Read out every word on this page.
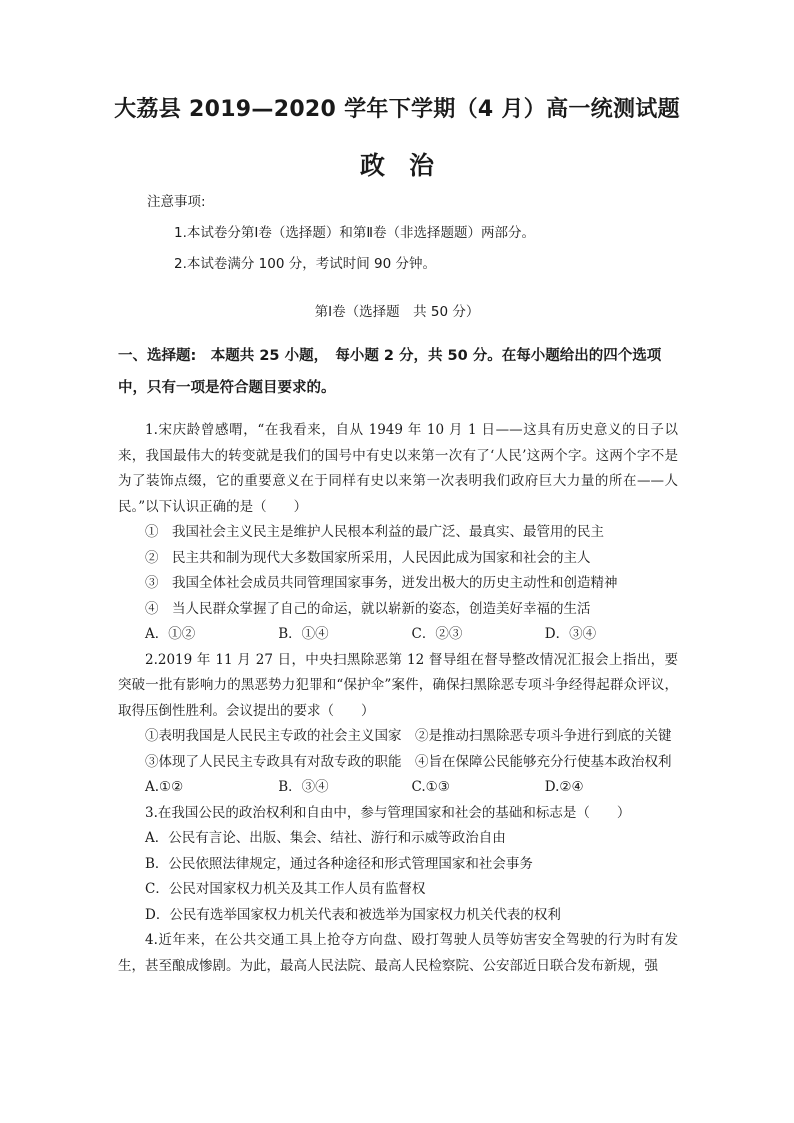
大荔县 2019—2020 学年下学期（4 月）高一统测试题
政治
注意事项:
1.本试卷分第Ⅰ卷（选择题）和第Ⅱ卷（非选择题题）两部分。
2.本试卷满分 100 分，考试时间 90 分钟。
第Ⅰ卷（选择题　共 50 分）
一、选择题:　本题共 25 小题，　每小题 2 分，共 50 分。在每小题给出的四个选项中，只有一项是符合题目要求的。

1.宋庆龄曾感喟，“在我看来，自从 1949 年 10 月 1 日——这具有历史意义的日子以来，我国最伟大的转变就是我们的国号中有史以来第一次有了‘人民’这两个字。这两个字不是为了装饰点缀，它的重要意义在于同样有史以来第一次表明我们政府巨大力量的所在——人民。”以下认识正确的是（　　）

①　我国社会主义民主是维护人民根本利益的最广泛、最真实、最管用的民主

②　民主共和制为现代大多数国家所采用，人民因此成为国家和社会的主人

③　我国全体社会成员共同管理国家事务，迸发出极大的历史主动性和创造精神

④　当人民群众掌握了自己的命运，就以崭新的姿态，创造美好幸福的生活

A．①②	B．①④	C．②③	D．③④

2.2019 年 11 月 27 日，中央扫黑除恶第 12 督导组在督导整改情况汇报会上指出，要突破一批有影响力的黑恶势力犯罪和“保护伞”案件，确保扫黑除恶专项斗争经得起群众评议，取得压倒性胜利。会议提出的要求（　　）

①表明我国是人民民主专政的社会主义国家　②是推动扫黑除恶专项斗争进行到底的关键

③体现了人民民主专政具有对敌专政的职能　④旨在保障公民能够充分行使基本政治权利

A.①②	B．③④	C.①③	D.②④

3.在我国公民的政治权利和自由中，参与管理国家和社会的基础和标志是（　　）

A．公民有言论、出版、集会、结社、游行和示威等政治自由

B．公民依照法律规定，通过各种途径和形式管理国家和社会事务

C．公民对国家权力机关及其工作人员有监督权

D．公民有选举国家权力机关代表和被选举为国家权力机关代表的权利

4.近年来，在公共交通工具上抢夺方向盘、殴打驾驶人员等妨害安全驾驶的行为时有发生，甚至酿成惨剧。为此，最高人民法院、最高人民检察院、公安部近日联合发布新规，强
